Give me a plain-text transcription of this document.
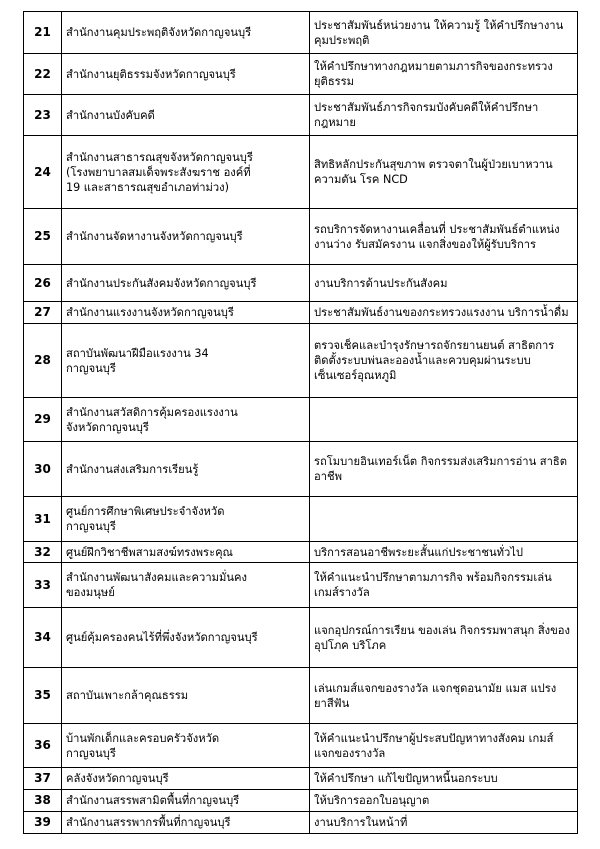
21	สำนักงานคุมประพฤติจังหวัดกาญจนบุรี	ประชาสัมพันธ์หน่วยงาน ให้ความรู้ ให้คำปรึกษางาน
คุมประพฤติ
22	สำนักงานยุติธรรมจังหวัดกาญจนบุรี	ให้คำปรึกษาทางกฎหมายตามภารกิจของกระทรวง
ยุติธรรม
23	สำนักงานบังคับคดี	ประชาสัมพันธ์ภารกิจกรมบังคับคดีให้คำปรึกษา
กฎหมาย
24	สำนักงานสาธารณสุขจังหวัดกาญจนบุรี
(โรงพยาบาลสมเด็จพระสังฆราช องค์ที่
19 และสาธารณสุขอำเภอท่าม่วง)	สิทธิหลักประกันสุขภาพ ตรวจตาในผู้ป่วยเบาหวาน
ความดัน โรค NCD
25	สำนักงานจัดหางานจังหวัดกาญจนบุรี	รถบริการจัดหางานเคลื่อนที่ ประชาสัมพันธ์ตำแหน่ง
งานว่าง รับสมัครงาน แจกสิ่งของให้ผู้รับบริการ
26	สำนักงานประกันสังคมจังหวัดกาญจนบุรี	งานบริการด้านประกันสังคม
27	สำนักงานแรงงานจังหวัดกาญจนบุรี	ประชาสัมพันธ์งานของกระทรวงแรงงาน บริการน้ำดื่ม
28	สถาบันพัฒนาฝีมือแรงงาน 34
กาญจนบุรี	ตรวจเช็คและบำรุงรักษารถจักรยานยนต์ สาธิตการ
ติดตั้งระบบพ่นละอองน้ำและควบคุมผ่านระบบ
เซ็นเซอร์อุณหภูมิ
29	สำนักงานสวัสดิการคุ้มครองแรงงาน
จังหวัดกาญจนบุรี	
30	สำนักงานส่งเสริมการเรียนรู้	รถโมบายอินเทอร์เน็ต กิจกรรมส่งเสริมการอ่าน สาธิต
อาชีพ
31	ศูนย์การศึกษาพิเศษประจำจังหวัด
กาญจนบุรี	
32	ศูนย์ฝึกวิชาชีพสามสงฆ์ทรงพระคุณ	บริการสอนอาชีพระยะสั้นแก่ประชาชนทั่วไป
33	สำนักงานพัฒนาสังคมและความมั่นคง
ของมนุษย์	ให้คำแนะนำปรึกษาตามภารกิจ พร้อมกิจกรรมเล่น
เกมส์รางวัล
34	ศูนย์คุ้มครองคนไร้ที่พึ่งจังหวัดกาญจนบุรี	แจกอุปกรณ์การเรียน ของเล่น กิจกรรมพาสนุก สิ่งของ
อุปโภค บริโภค
35	สถาบันเพาะกล้าคุณธรรม	เล่นเกมส์แจกของรางวัล แจกชุดอนามัย แมส แปรง
ยาสีฟัน
36	บ้านพักเด็กและครอบครัวจังหวัด
กาญจนบุรี	ให้คำแนะนำปรึกษาผู้ประสบปัญหาทางสังคม เกมส์
แจกของรางวัล
37	คลังจังหวัดกาญจนบุรี	ให้คำปรึกษา แก้ไขปัญหาหนี้นอกระบบ
38	สำนักงานสรรพสามิตพื้นที่กาญจนบุรี	ให้บริการออกใบอนุญาต
39	สำนักงานสรรพากรพื้นที่กาญจนบุรี	งานบริการในหน้าที่
